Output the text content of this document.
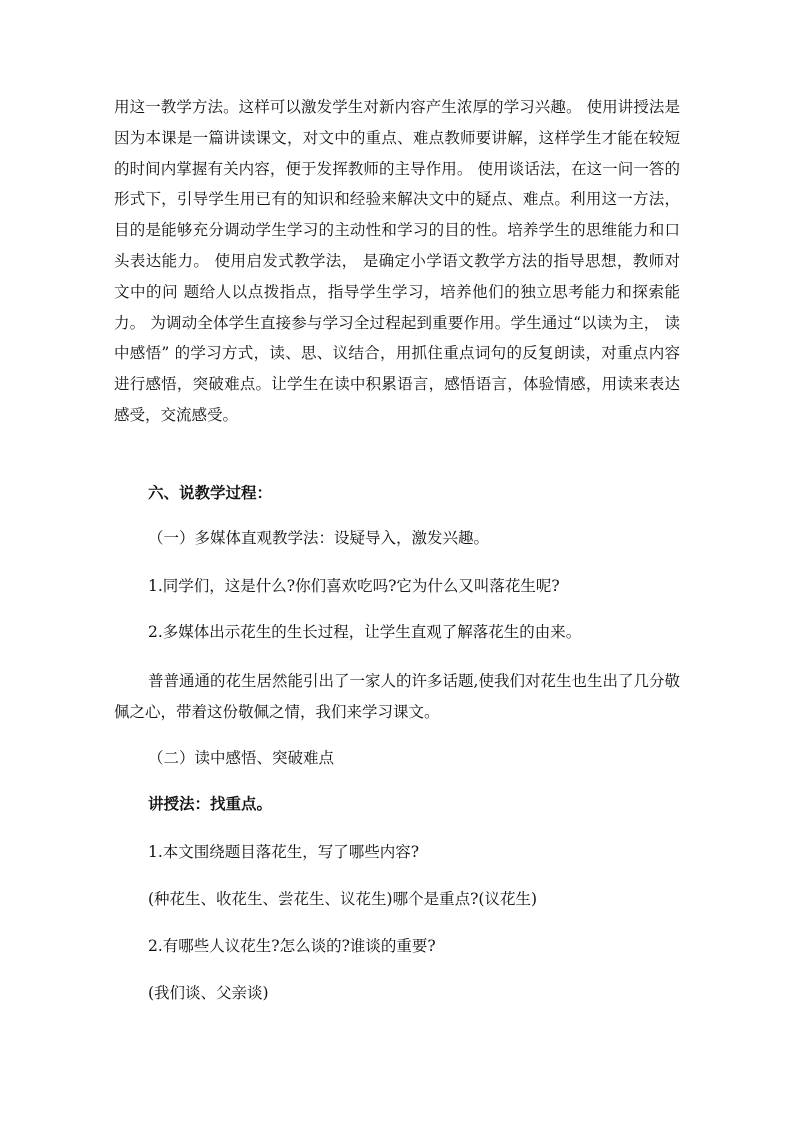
用这一教学方法。这样可以激发学生对新内容产生浓厚的学习兴趣。 使用讲授法是因为本课是一篇讲读课文，对文中的重点、难点教师要讲解，这样学生才能在较短的时间内掌握有关内容，便于发挥教师的主导作用。 使用谈话法，在这一问一答的形式下，引导学生用已有的知识和经验来解决文中的疑点、难点。利用这一方法，目的是能够充分调动学生学习的主动性和学习的目的性。培养学生的思维能力和口头表达能力。 使用启发式教学法， 是确定小学语文教学方法的指导思想，教师对文中的问 题给人以点拨指点，指导学生学习，培养他们的独立思考能力和探索能力。 为调动全体学生直接参与学习全过程起到重要作用。学生通过“以读为主， 读中感悟” 的学习方式，读、思、议结合，用抓住重点词句的反复朗读，对重点内容进行感悟，突破难点。让学生在读中积累语言，感悟语言，体验情感，用读来表达感受，交流感受。

六、说教学过程：

（一）多媒体直观教学法：设疑导入，激发兴趣。

1.同学们，这是什么?你们喜欢吃吗?它为什么又叫落花生呢?

2.多媒体出示花生的生长过程，让学生直观了解落花生的由来。

普普通通的花生居然能引出了一家人的许多话题,使我们对花生也生出了几分敬佩之心，带着这份敬佩之情，我们来学习课文。

（二）读中感悟、突破难点

讲授法：找重点。

1.本文围绕题目落花生，写了哪些内容?

(种花生、收花生、尝花生、议花生)哪个是重点?(议花生)

2.有哪些人议花生?怎么谈的?谁谈的重要?

(我们谈、父亲谈)
